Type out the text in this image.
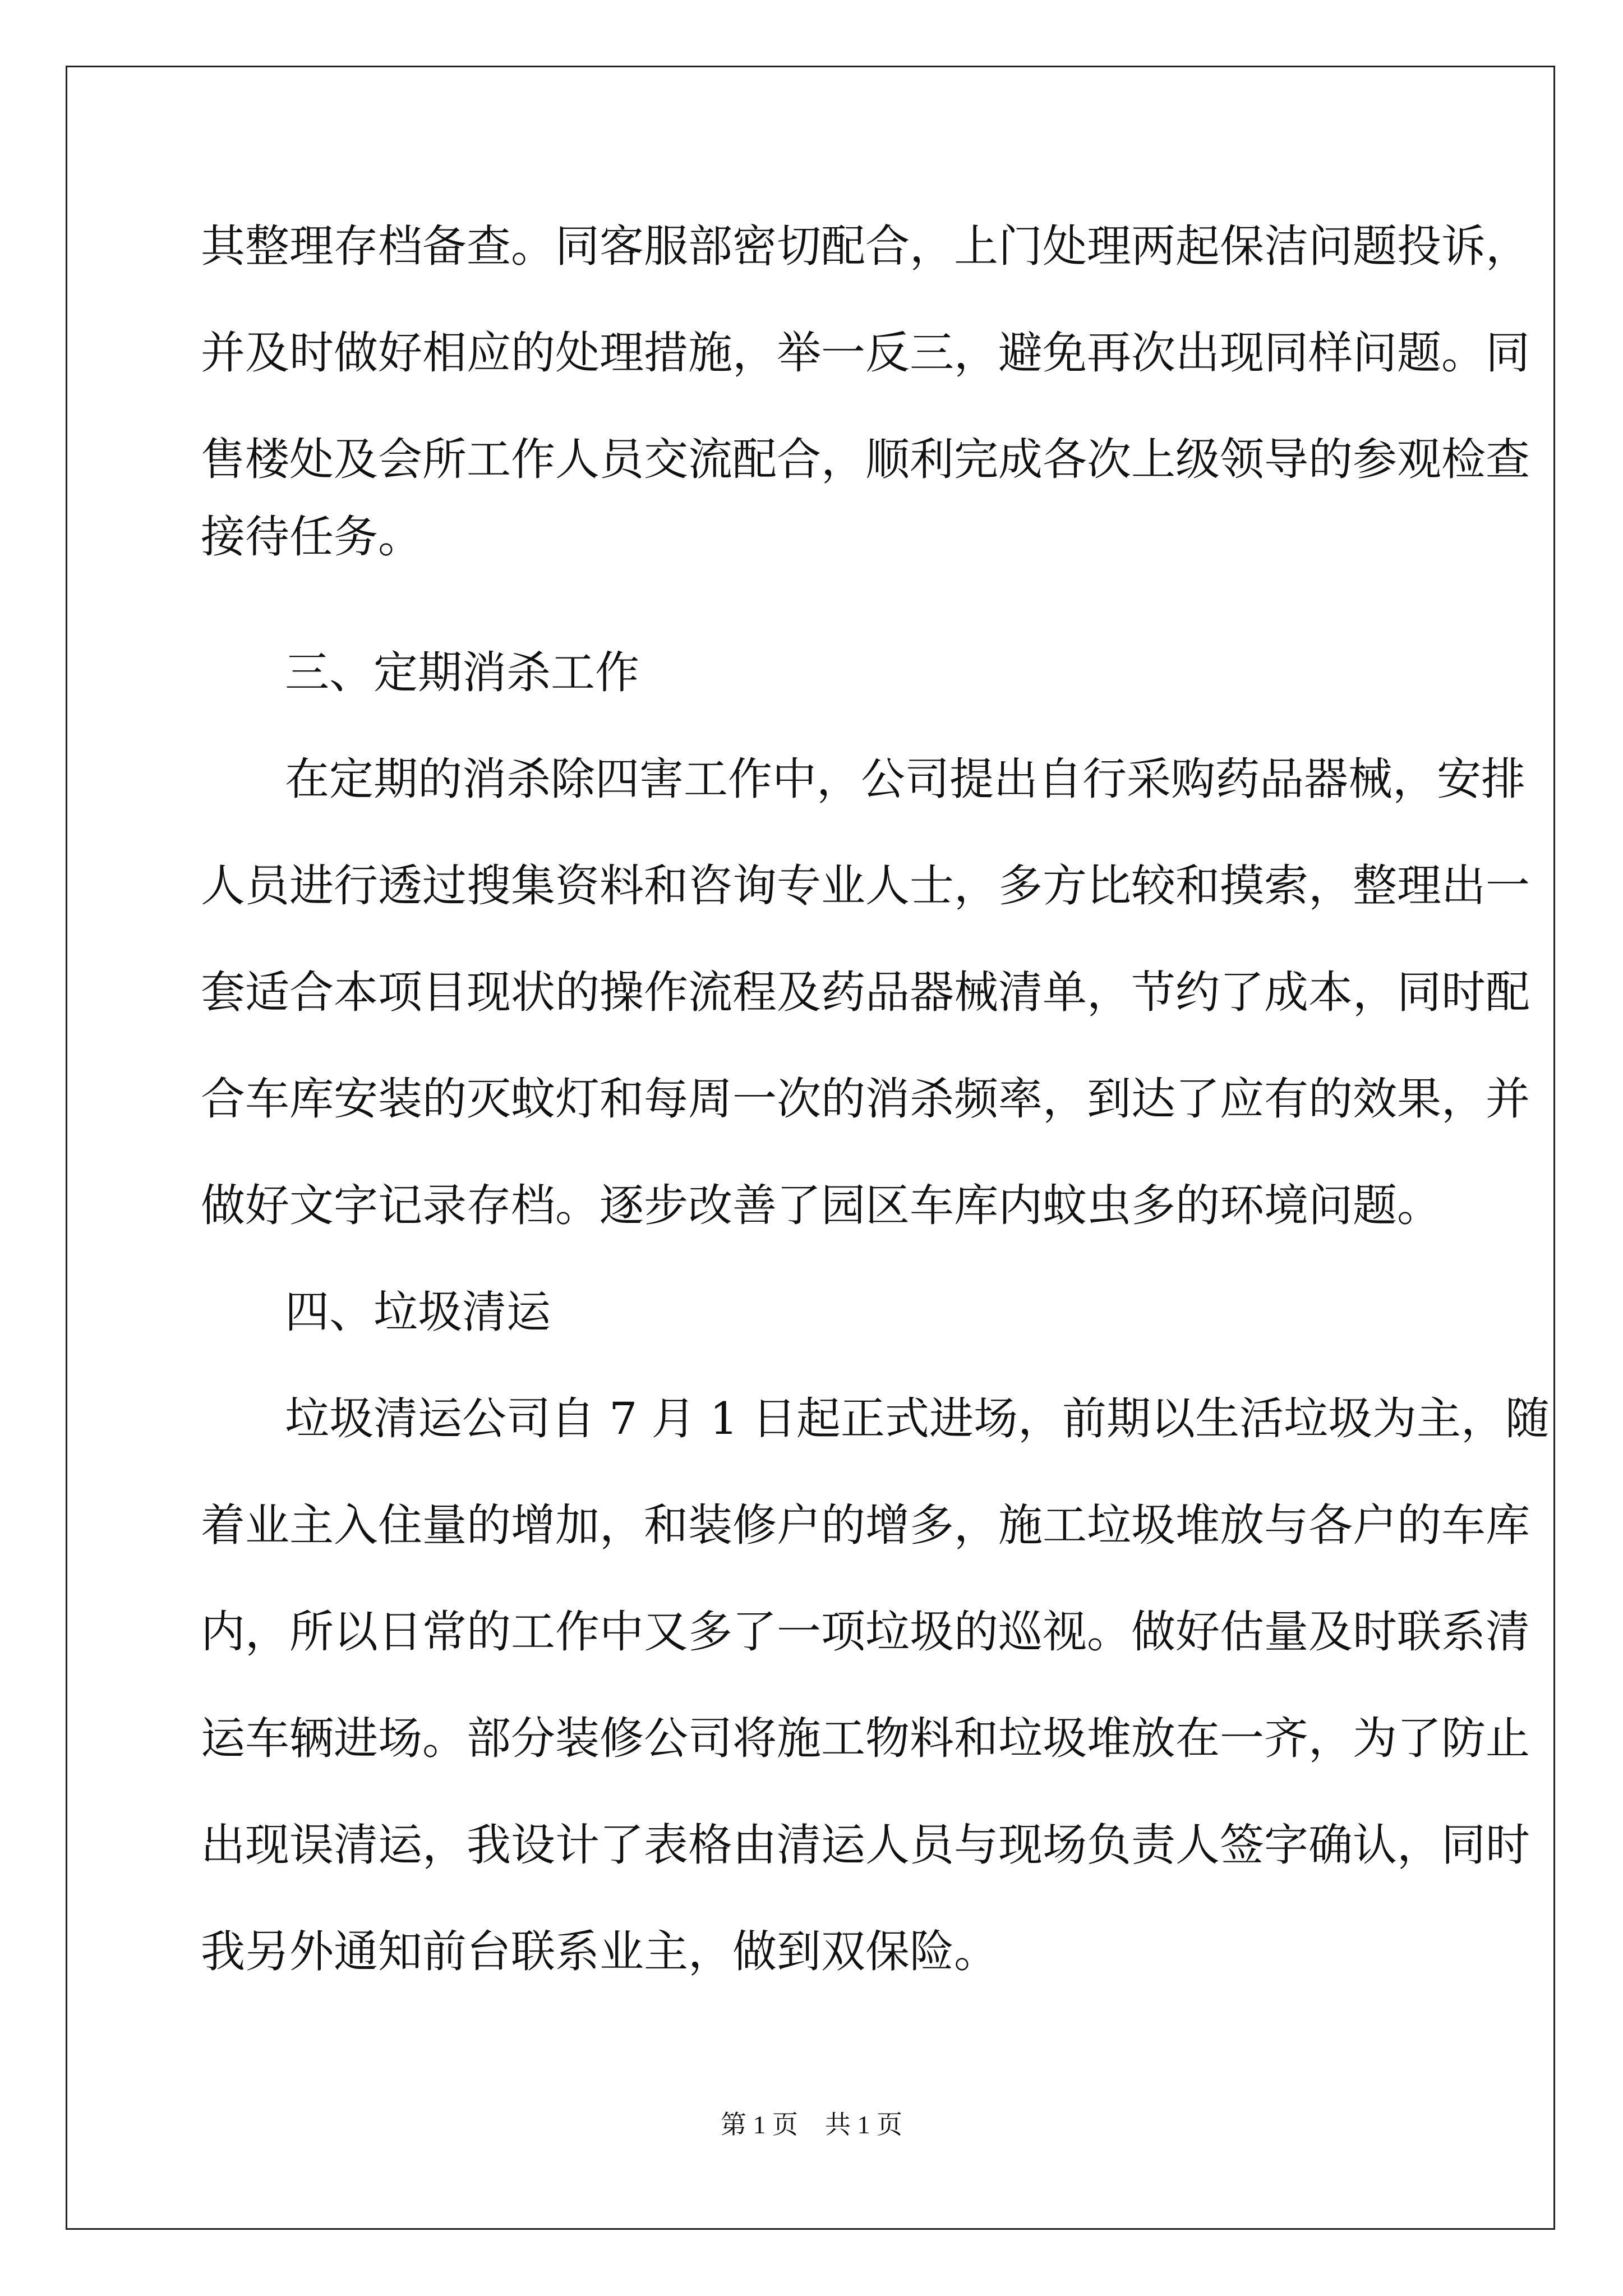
其整理存档备查。同客服部密切配合，上门处理两起保洁问题投诉，
并及时做好相应的处理措施，举一反三，避免再次出现同样问题。同
售楼处及会所工作人员交流配合，顺利完成各次上级领导的参观检查
接待任务。
三、定期消杀工作
在定期的消杀除四害工作中，公司提出自行采购药品器械，安排
人员进行透过搜集资料和咨询专业人士，多方比较和摸索，整理出一
套适合本项目现状的操作流程及药品器械清单，节约了成本，同时配
合车库安装的灭蚊灯和每周一次的消杀频率，到达了应有的效果，并
做好文字记录存档。逐步改善了园区车库内蚊虫多的环境问题。
四、垃圾清运
垃圾清运公司自 7 月 1 日起正式进场，前期以生活垃圾为主，随
着业主入住量的增加，和装修户的增多，施工垃圾堆放与各户的车库
内，所以日常的工作中又多了一项垃圾的巡视。做好估量及时联系清
运车辆进场。部分装修公司将施工物料和垃圾堆放在一齐，为了防止
出现误清运，我设计了表格由清运人员与现场负责人签字确认，同时
我另外通知前台联系业主，做到双保险。
第 1 页 共 1 页
